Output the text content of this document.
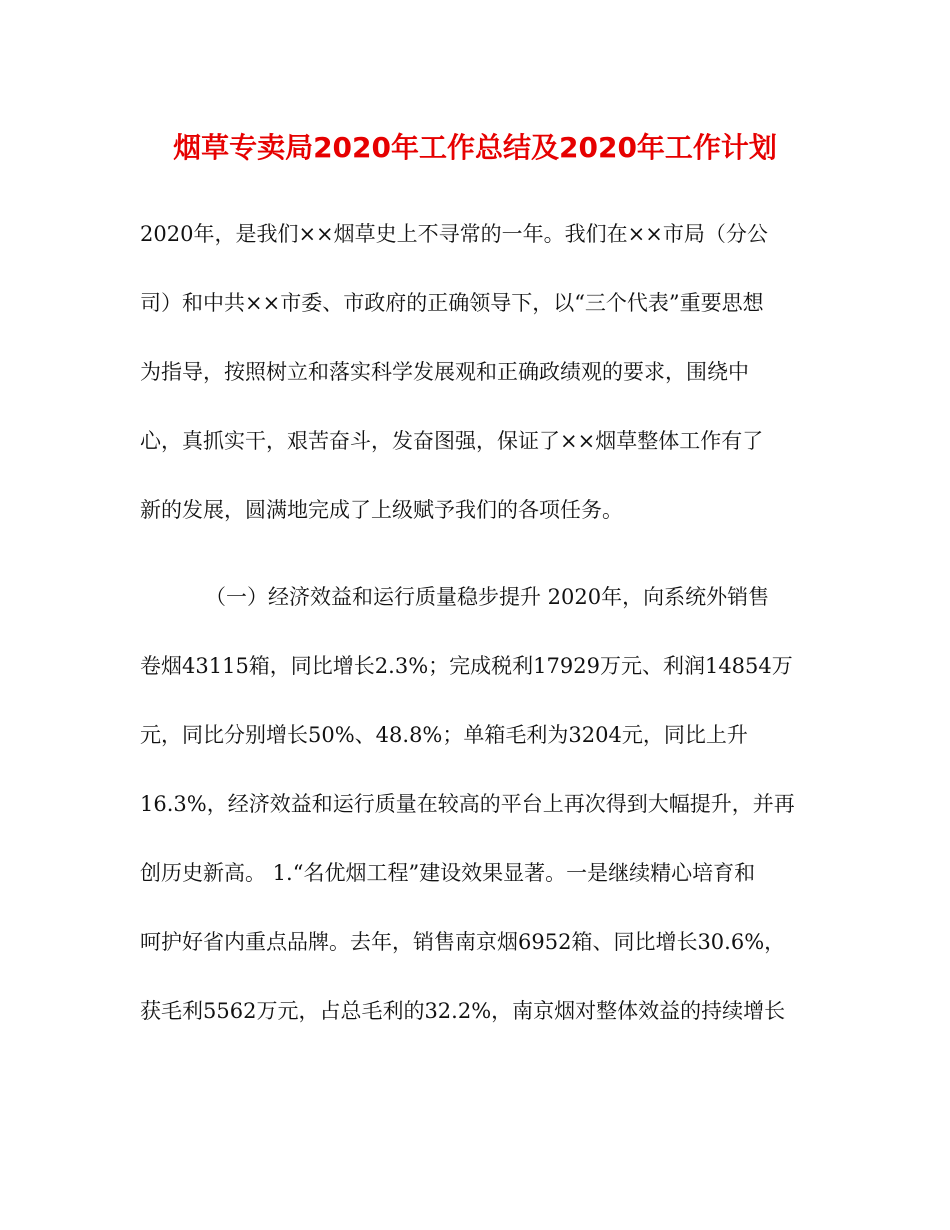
烟草专卖局2020年工作总结及2020年工作计划
2020年，是我们××烟草史上不寻常的一年。我们在××市局（分公
司）和中共××市委、市政府的正确领导下，以“三个代表”重要思想
为指导，按照树立和落实科学发展观和正确政绩观的要求，围绕中
心，真抓实干，艰苦奋斗，发奋图强，保证了××烟草整体工作有了
新的发展，圆满地完成了上级赋予我们的各项任务。
（一）经济效益和运行质量稳步提升 2020年，向系统外销售
卷烟43115箱，同比增长2.3%；完成税利17929万元、利润14854万
元，同比分别增长50%、48.8%；单箱毛利为3204元，同比上升
16.3%，经济效益和运行质量在较高的平台上再次得到大幅提升，并再
创历史新高。 1.“名优烟工程”建设效果显著。一是继续精心培育和
呵护好省内重点品牌。去年，销售南京烟6952箱、同比增长30.6%，
获毛利5562万元，占总毛利的32.2%，南京烟对整体效益的持续增长
